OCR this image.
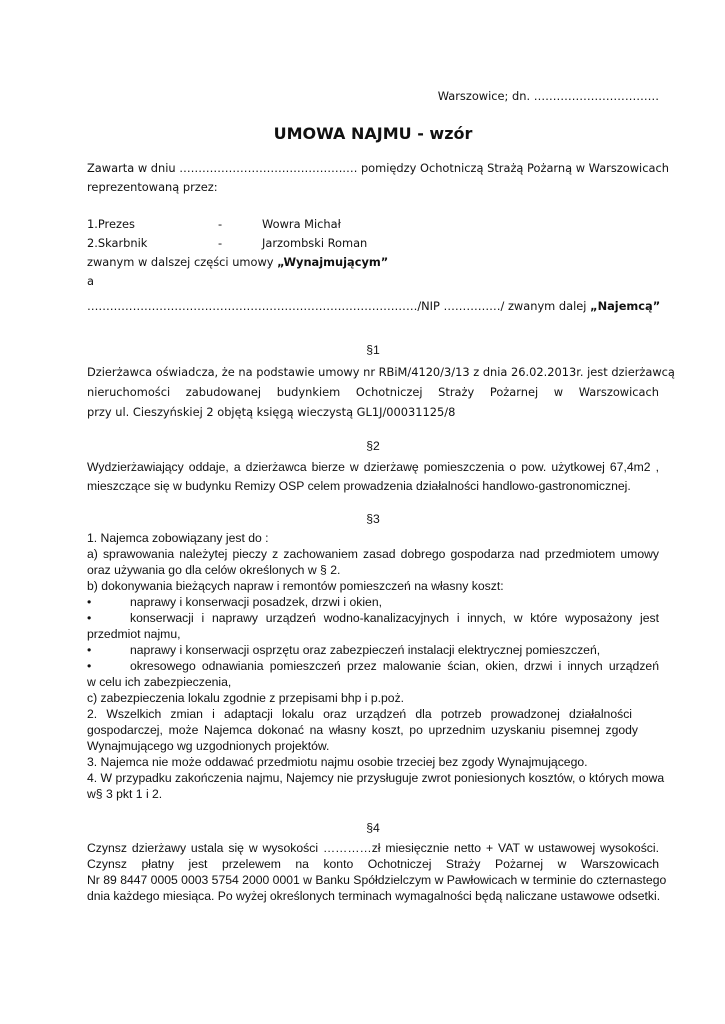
Warszowice; dn. ……………………………
UMOWA NAJMU - wzór
Zawarta w dniu …………………………………….…. pomiędzy Ochotniczą Strażą Pożarną w Warszowicach
reprezentowaną przez:
1.Prezes	-	Wowra Michał
2.Skarbnik	-	Jarzombski Roman
zwanym w dalszej części umowy „Wynajmującym”
a
……………………………………………………………………………/NIP ……………/ zwanym dalej „Najemcą”
§1
Dzierżawca oświadcza, że na podstawie umowy nr RBiM/4120/3/13 z dnia 26.02.2013r. jest dzierżawcą
nieruchomości zabudowanej budynkiem Ochotniczej Straży Pożarnej w Warszowicach
przy ul. Cieszyńskiej 2 objętą księgą wieczystą GL1J/00031125/8
§2
Wydzierżawiający oddaje, a dzierżawca bierze w dzierżawę pomieszczenia o pow. użytkowej 67,4m2 ,
mieszczące się w budynku Remizy OSP celem prowadzenia działalności handlowo-gastronomicznej.
§3
1. Najemca zobowiązany jest do :
a) sprawowania należytej pieczy z zachowaniem zasad dobrego gospodarza nad przedmiotem umowy
oraz używania go dla celów określonych w § 2.
b) dokonywania bieżących napraw i remontów pomieszczeń na własny koszt:
•	naprawy i konserwacji posadzek, drzwi i okien,
•	konserwacji i naprawy urządzeń wodno-kanalizacyjnych i innych, w które wyposażony jest
przedmiot najmu,
•	naprawy i konserwacji osprzętu oraz zabezpieczeń instalacji elektrycznej pomieszczeń,
•	okresowego odnawiania pomieszczeń przez malowanie ścian, okien, drzwi i innych urządzeń
w celu ich zabezpieczenia,
c) zabezpieczenia lokalu zgodnie z przepisami bhp i p.poż.
2. Wszelkich zmian i adaptacji lokalu oraz urządzeń dla potrzeb prowadzonej działalności
gospodarczej, może Najemca dokonać na własny koszt, po uprzednim uzyskaniu pisemnej zgody
Wynajmującego wg uzgodnionych projektów.
3. Najemca nie może oddawać przedmiotu najmu osobie trzeciej bez zgody Wynajmującego.
4. W przypadku zakończenia najmu, Najemcy nie przysługuje zwrot poniesionych kosztów, o których mowa
w§ 3 pkt 1 i 2.
§4
Czynsz dzierżawy ustala się w wysokości …………zł miesięcznie netto + VAT w ustawowej wysokości.
Czynsz płatny jest przelewem na konto Ochotniczej Straży Pożarnej w Warszowicach
Nr 89 8447 0005 0003 5754 2000 0001 w Banku Spółdzielczym w Pawłowicach w terminie do czternastego
dnia każdego miesiąca. Po wyżej określonych terminach wymagalności będą naliczane ustawowe odsetki.
